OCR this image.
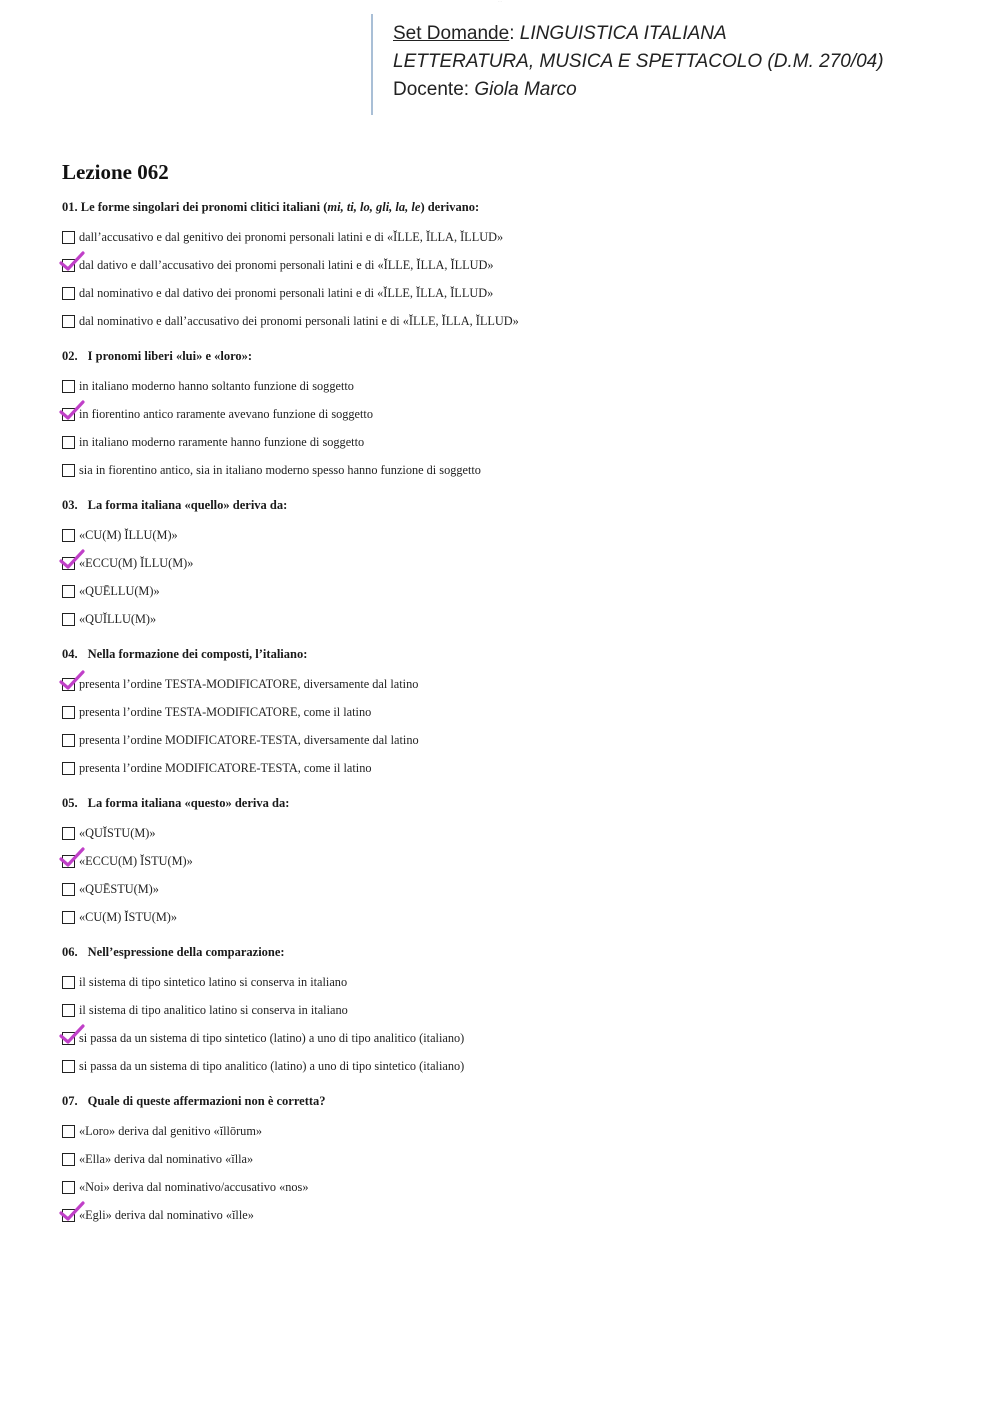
· · ·
Set Domande: LINGUISTICA ITALIANA
LETTERATURA, MUSICA E SPETTACOLO (D.M. 270/04)
Docente: Giola Marco
Lezione 062
01. Le forme singolari dei pronomi clitici italiani (mi, ti, lo, gli, la, le) derivano:
dall’accusativo e dal genitivo dei pronomi personali latini e di «ĬLLE, ĬLLA, ĬLLUD»
dal dativo e dall’accusativo dei pronomi personali latini e di «ĬLLE, ĬLLA, ĬLLUD»
dal nominativo e dal dativo dei pronomi personali latini e di «ĬLLE, ĬLLA, ĬLLUD»
dal nominativo e dall’accusativo dei pronomi personali latini e di «ĬLLE, ĬLLA, ĬLLUD»
02. I pronomi liberi «lui» e «loro»:
in italiano moderno hanno soltanto funzione di soggetto
in fiorentino antico raramente avevano funzione di soggetto
in italiano moderno raramente hanno funzione di soggetto
sia in fiorentino antico, sia in italiano moderno spesso hanno funzione di soggetto
03. La forma italiana «quello» deriva da:
«CU(M) ĬLLU(M)»
«ECCU(M) ĬLLU(M)»
«QUĒLLU(M)»
«QUĬLLU(M)»
04. Nella formazione dei composti, l’italiano:
presenta l’ordine TESTA-MODIFICATORE, diversamente dal latino
presenta l’ordine TESTA-MODIFICATORE, come il latino
presenta l’ordine MODIFICATORE-TESTA, diversamente dal latino
presenta l’ordine MODIFICATORE-TESTA, come il latino
05. La forma italiana «questo» deriva da:
«QUĬSTU(M)»
«ECCU(M) ĬSTU(M)»
«QUĒSTU(M)»
«CU(M) ĬSTU(M)»
06. Nell’espressione della comparazione:
il sistema di tipo sintetico latino si conserva in italiano
il sistema di tipo analitico latino si conserva in italiano
si passa da un sistema di tipo sintetico (latino) a uno di tipo analitico (italiano)
si passa da un sistema di tipo analitico (latino) a uno di tipo sintetico (italiano)
07. Quale di queste affermazioni non è corretta?
«Loro» deriva dal genitivo «ĭllōrum»
«Ella» deriva dal nominativo «ĭlla»
«Noi» deriva dal nominativo/accusativo «nos»
«Egli» deriva dal nominativo «ĭlle»
